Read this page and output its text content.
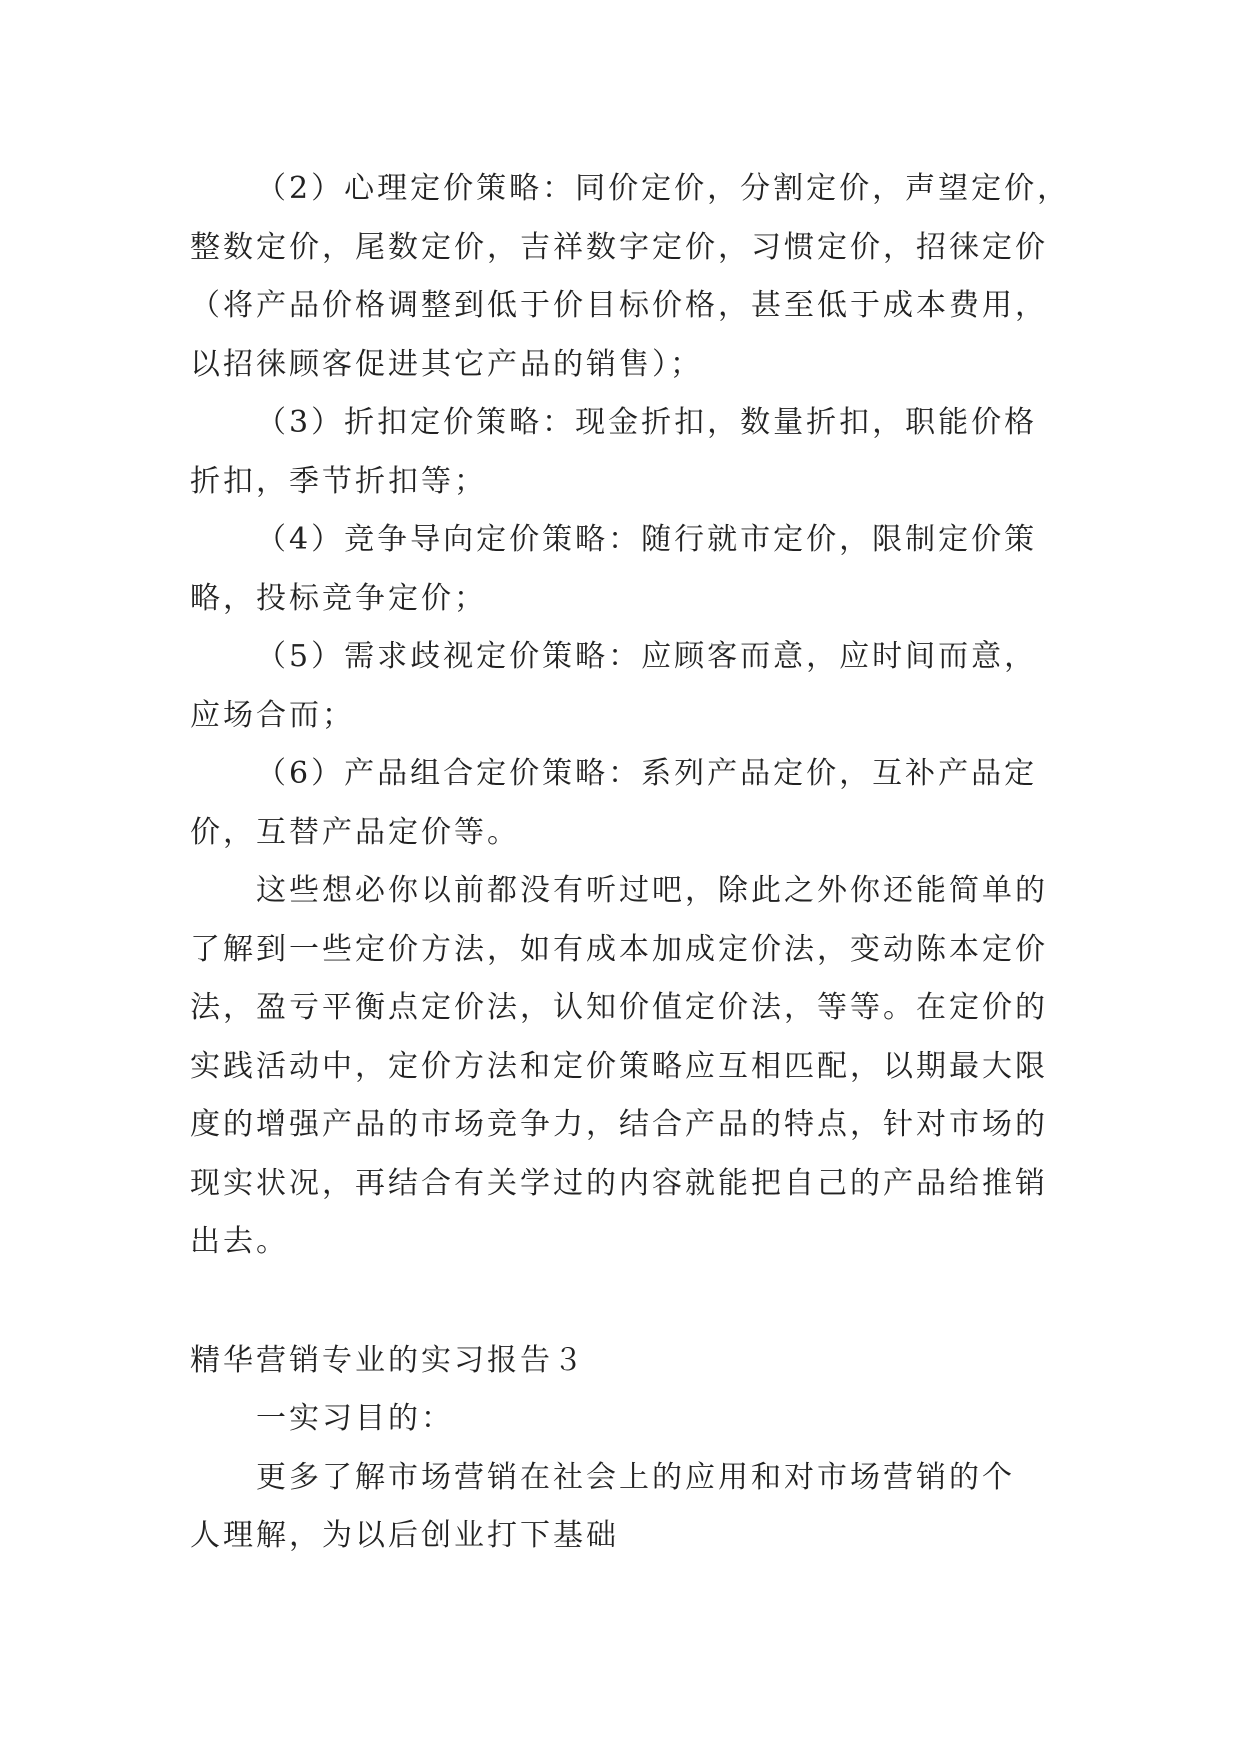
（2）心理定价策略：同价定价，分割定价，声望定价，
整数定价，尾数定价，吉祥数字定价，习惯定价，招徕定价
（将产品价格调整到低于价目标价格，甚至低于成本费用，
以招徕顾客促进其它产品的销售）；
（3）折扣定价策略：现金折扣，数量折扣，职能价格
折扣，季节折扣等；
（4）竞争导向定价策略：随行就市定价，限制定价策
略，投标竞争定价；
（5）需求歧视定价策略：应顾客而意，应时间而意，
应场合而；
（6）产品组合定价策略：系列产品定价，互补产品定
价，互替产品定价等。
这些想必你以前都没有听过吧，除此之外你还能简单的
了解到一些定价方法，如有成本加成定价法，变动陈本定价
法，盈亏平衡点定价法，认知价值定价法，等等。在定价的
实践活动中，定价方法和定价策略应互相匹配，以期最大限
度的增强产品的市场竞争力，结合产品的特点，针对市场的
现实状况，再结合有关学过的内容就能把自己的产品给推销
出去。
精华营销专业的实习报告３
一实习目的：
更多了解市场营销在社会上的应用和对市场营销的个
人理解，为以后创业打下基础
